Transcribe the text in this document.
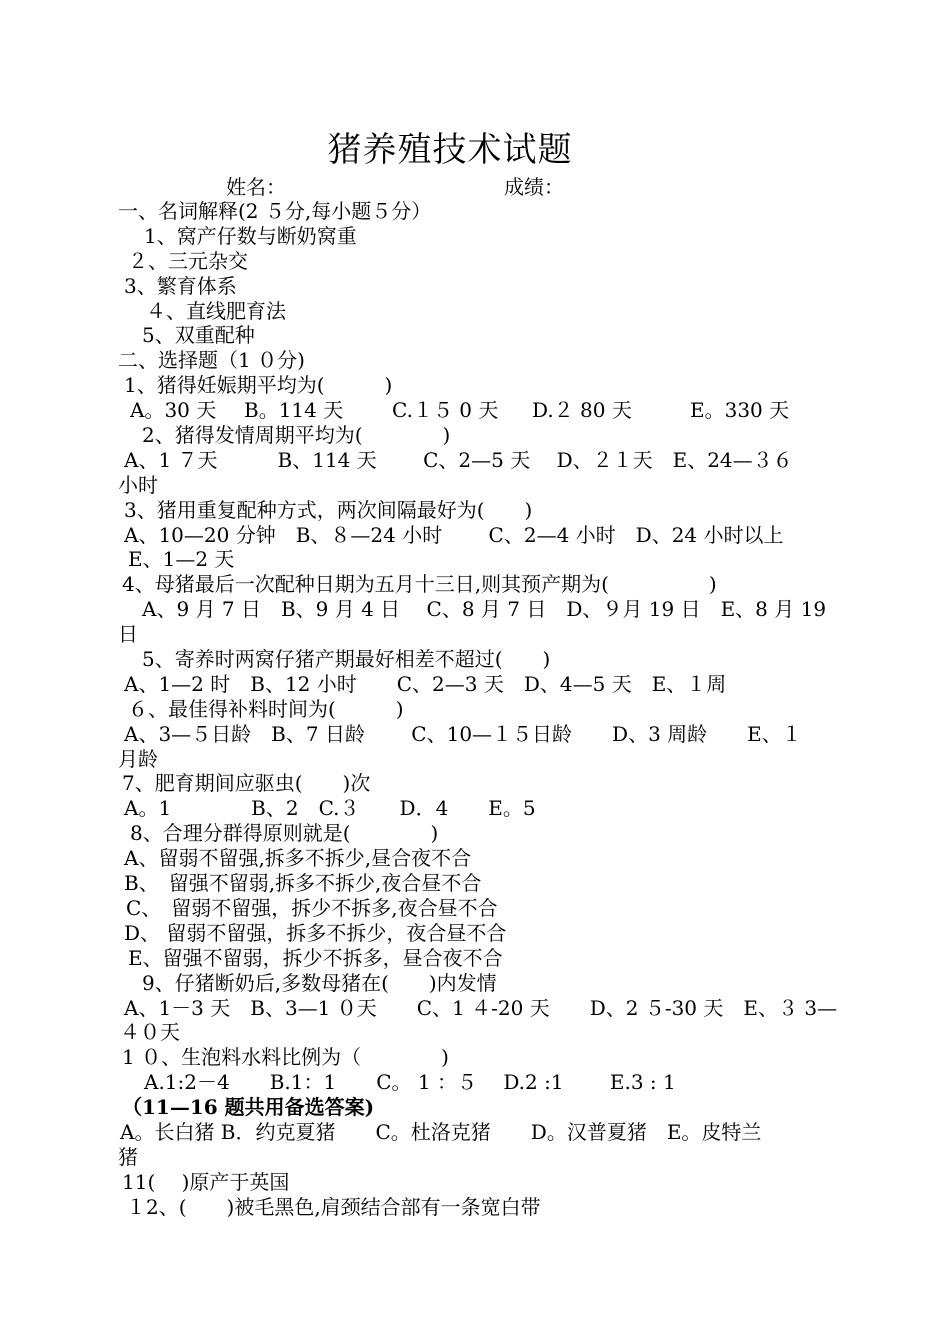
猪养殖技术试题
姓名：	成绩：
一、名词解释(2 ５分,每小题５分）
1、窝产仔数与断奶窝重
２、三元杂交
3、繁育体系
４、直线肥育法
5、双重配种
二、选择题（1 ０分)
1、猪得妊娠期平均为(　　　)
A。30 天 B。114 天 C.１５ 0 天 D.２ 80 天	E。330 天
2、猪得发情周期平均为(　　　　)
A、1 ７天　　　B、114 天　　 C、2—5 天　 D、２１天　E、24—３６
小时
3、猪用重复配种方式，两次间隔最好为(　　)
A、10—20 分钟　B、８—24 小时　　 C、2—4 小时　D、24 小时以上
E、1—2 天
4、母猪最后一次配种日期为五月十三日,则其预产期为(　　　　　)
A、9 月 7 日　B、9 月 4 日　 C、8 月 7 日　D、９月 19 日　E、8 月 19
日
5、寄养时两窝仔猪产期最好相差不超过(　　)
A、1—2 时　B、12 小时　　C、2—3 天　D、4—5 天　E、１周
６、最佳得补料时间为(　　　)
A、3—５日龄　B、7 日龄　　 C、10—１５日龄　　D、3 周龄　　E、１
月龄
7、肥育期间应驱虫(　　)次
A。1　　　　B、2　C.３　　D．4　　E。5
8、合理分群得原则就是(　　　　)
A、留弱不留强,拆多不拆少,昼合夜不合
B、　留强不留弱,拆多不拆少,夜合昼不合
C、　留弱不留强，拆少不拆多,夜合昼不合
D、 留弱不留强，拆多不拆少，夜合昼不合
E、留强不留弱，拆少不拆多，昼合夜不合
9、仔猪断奶后,多数母猪在(　　)内发情
A、1－3 天　B、3—1 ０天　　C、1 ４-20 天　　D、2 ５-30 天　E、３ 3—
４０天
1 ０、生泡料水料比例为（　　　　)
A.1:2－4　　B.1：1　　C。 1 ：５　 D.2 :1　　 E.3 : 1
（11—16 题共用备选答案)
A。长白猪 B．约克夏猪　　C。杜洛克猪　　D。汉普夏猪　E。皮特兰
猪
11(　 )原产于英国
１2、(　　)被毛黑色,肩颈结合部有一条宽白带
